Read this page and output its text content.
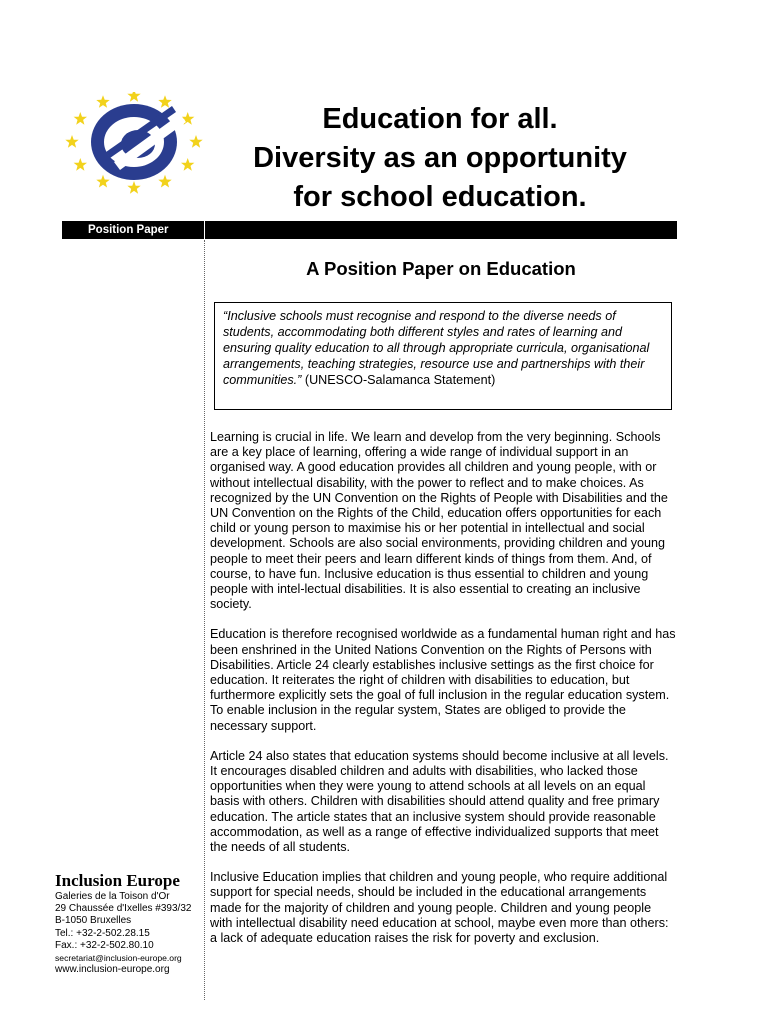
Education for all.
Diversity as an opportunity
for school education.
Position Paper
A Position Paper on Education
“Inclusive schools must recognise and respond to the diverse needs of students, accommodating both different styles and rates of learning and ensuring quality education to all through appropriate curricula, organisational arrangements, teaching strategies, resource use and partnerships with their communities.” (UNESCO-Salamanca Statement)

Learning is crucial in life. We learn and develop from the very beginning. Schools are a key place of learning, offering a wide range of individual support in an organised way. A good education provides all children and young people, with or without intellectual disability, with the power to reflect and to make choices. As recognized by the UN Convention on the Rights of People with Disabilities and the UN Convention on the Rights of the Child, education offers opportunities for each child or young person to maximise his or her potential in intellectual and social development. Schools are also social environments, providing children and young people to meet their peers and learn different kinds of things from them. And, of course, to have fun. Inclusive education is thus essential to children and young people with intel-lectual disabilities. It is also essential to creating an inclusive society.

Education is therefore recognised worldwide as a fundamental human right and has been enshrined in the United Nations Convention on the Rights of Persons with Disabilities. Article 24 clearly establishes inclusive settings as the first choice for education. It reiterates the right of children with disabilities to education, but furthermore explicitly sets the goal of full inclusion in the regular education system. To enable inclusion in the regular system, States are obliged to provide the necessary support.

Article 24 also states that education systems should become inclusive at all levels. It encourages disabled children and adults with disabilities, who lacked those opportunities when they were young to attend schools at all levels on an equal basis with others. Children with disabilities should attend quality and free primary education. The article states that an inclusive system should provide reasonable accommodation, as well as a range of effective individualized supports that meet the needs of all students.

Inclusive Education implies that children and young people, who require additional support for special needs, should be included in the educational arrangements made for the majority of children and young people. Children and young people with intellectual disability need education at school, maybe even more than others: a lack of adequate education raises the risk for poverty and exclusion.

Inclusion Europe
Galeries de la Toison d'Or
29 Chaussée d'Ixelles #393/32
B-1050 Bruxelles
Tel.: +32-2-502.28.15
Fax.: +32-2-502.80.10
secretariat@inclusion-europe.org
www.inclusion-europe.org
